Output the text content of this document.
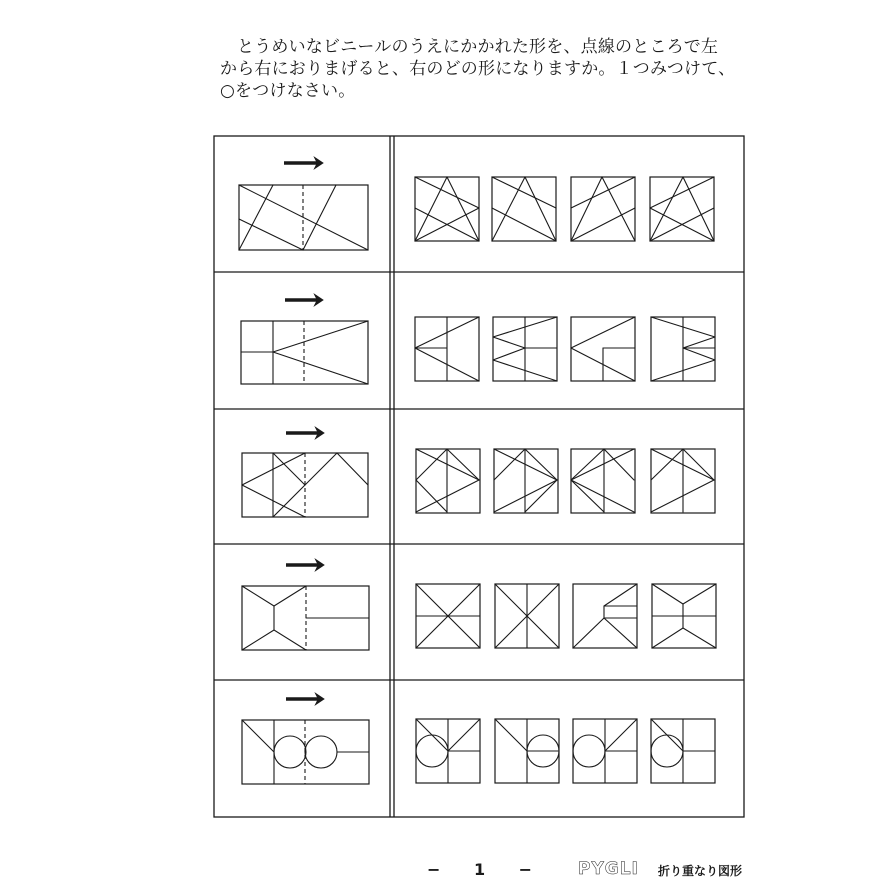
とうめいなビニールのうえにかかれた形を、点線のところで左

から右におりまげると、右のどの形になりますか。１つみつけて、

○をつけなさい。

− 1 − PYGLI 折り重なり図形
